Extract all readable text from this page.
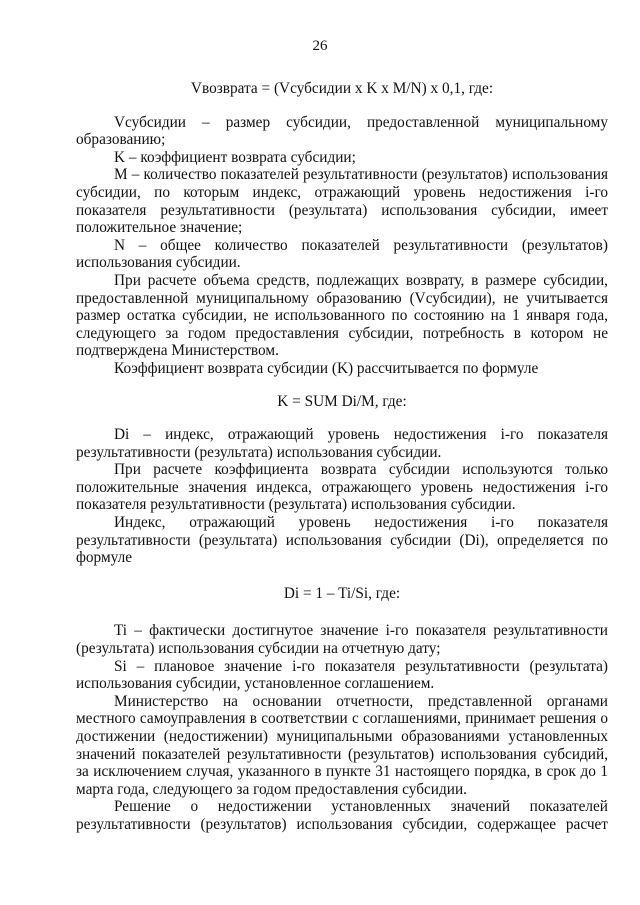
26

Vвозврата = (Vсубсидии x K x M/N) x 0,1, где:

Vсубсидии – размер субсидии, предоставленной муниципальному образованию;

K – коэффициент возврата субсидии;

M – количество показателей результативности (результатов) использования субсидии, по которым индекс, отражающий уровень недостижения i-го показателя результативности (результата) использования субсидии, имеет положительное значение;

N – общее количество показателей результативности (результатов) использования субсидии.

При расчете объема средств, подлежащих возврату, в размере субсидии, предоставленной муниципальному образованию (Vсубсидии), не учитывается размер остатка субсидии, не использованного по состоянию на 1 января года, следующего за годом предоставления субсидии, потребность в котором не подтверждена Министерством.

Коэффициент возврата субсидии (K) рассчитывается по формуле

K = SUM Di/M, где:

Di – индекс, отражающий уровень недостижения i-го показателя результативности (результата) использования субсидии.

При расчете коэффициента возврата субсидии используются только положительные значения индекса, отражающего уровень недостижения i-го показателя результативности (результата) использования субсидии.

Индекс, отражающий уровень недостижения i-го показателя результативности (результата) использования субсидии (Di), определяется по формуле

Di = 1 – Ti/Si, где:

Ti – фактически достигнутое значение i-го показателя результативности (результата) использования субсидии на отчетную дату;

Si – плановое значение i-го показателя результативности (результата) использования субсидии, установленное соглашением.

Министерство на основании отчетности, представленной органами местного самоуправления в соответствии с соглашениями, принимает решения о достижении (недостижении) муниципальными образованиями установленных значений показателей результативности (результатов) использования субсидий, за исключением случая, указанного в пункте 31 настоящего порядка, в срок до 1 марта года, следующего за годом предоставления субсидии.

Решение о недостижении установленных значений показателей результативности (результатов) использования субсидии, содержащее расчет
